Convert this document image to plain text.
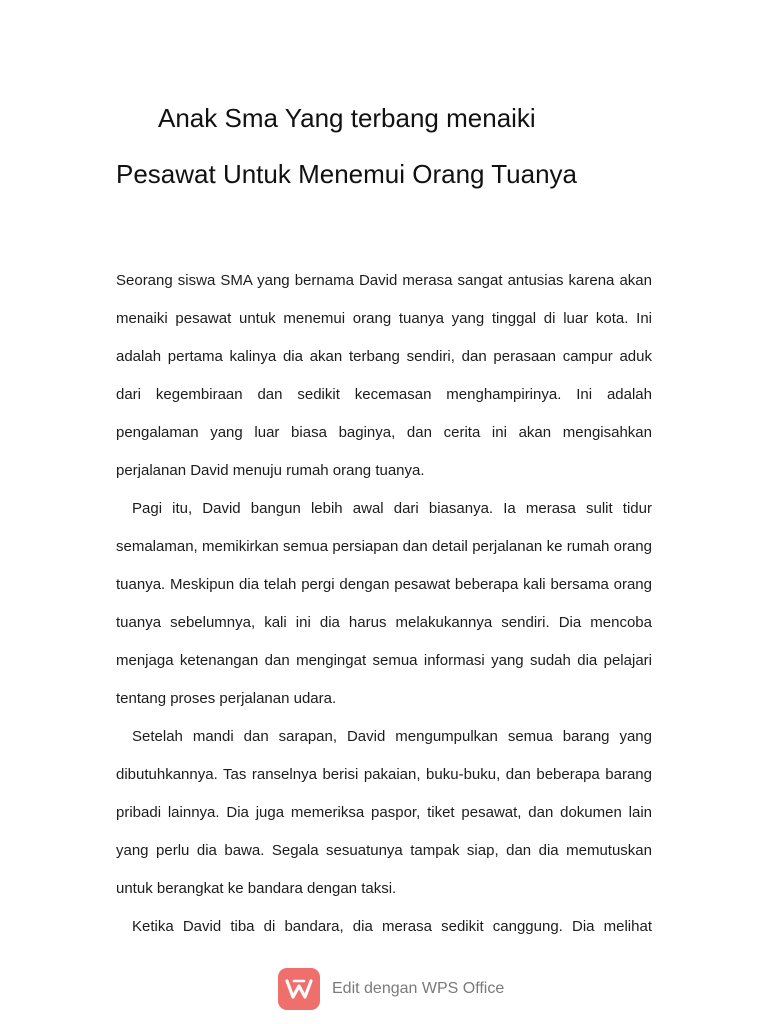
Anak Sma Yang terbang menaiki
Pesawat Untuk Menemui Orang Tuanya

Seorang siswa SMA yang bernama David merasa sangat antusias karena akan menaiki pesawat untuk menemui orang tuanya yang tinggal di luar kota. Ini adalah pertama kalinya dia akan terbang sendiri, dan perasaan campur aduk dari kegembiraan dan sedikit kecemasan menghampirinya. Ini adalah pengalaman yang luar biasa baginya, dan cerita ini akan mengisahkan perjalanan David menuju rumah orang tuanya.

Pagi itu, David bangun lebih awal dari biasanya. Ia merasa sulit tidur semalaman, memikirkan semua persiapan dan detail perjalanan ke rumah orang tuanya. Meskipun dia telah pergi dengan pesawat beberapa kali bersama orang tuanya sebelumnya, kali ini dia harus melakukannya sendiri. Dia mencoba menjaga ketenangan dan mengingat semua informasi yang sudah dia pelajari tentang proses perjalanan udara.

Setelah mandi dan sarapan, David mengumpulkan semua barang yang dibutuhkannya. Tas ranselnya berisi pakaian, buku-buku, dan beberapa barang pribadi lainnya. Dia juga memeriksa paspor, tiket pesawat, dan dokumen lain yang perlu dia bawa. Segala sesuatunya tampak siap, dan dia memutuskan untuk berangkat ke bandara dengan taksi.

Ketika David tiba di bandara, dia merasa sedikit canggung. Dia melihat

Edit dengan WPS Office
